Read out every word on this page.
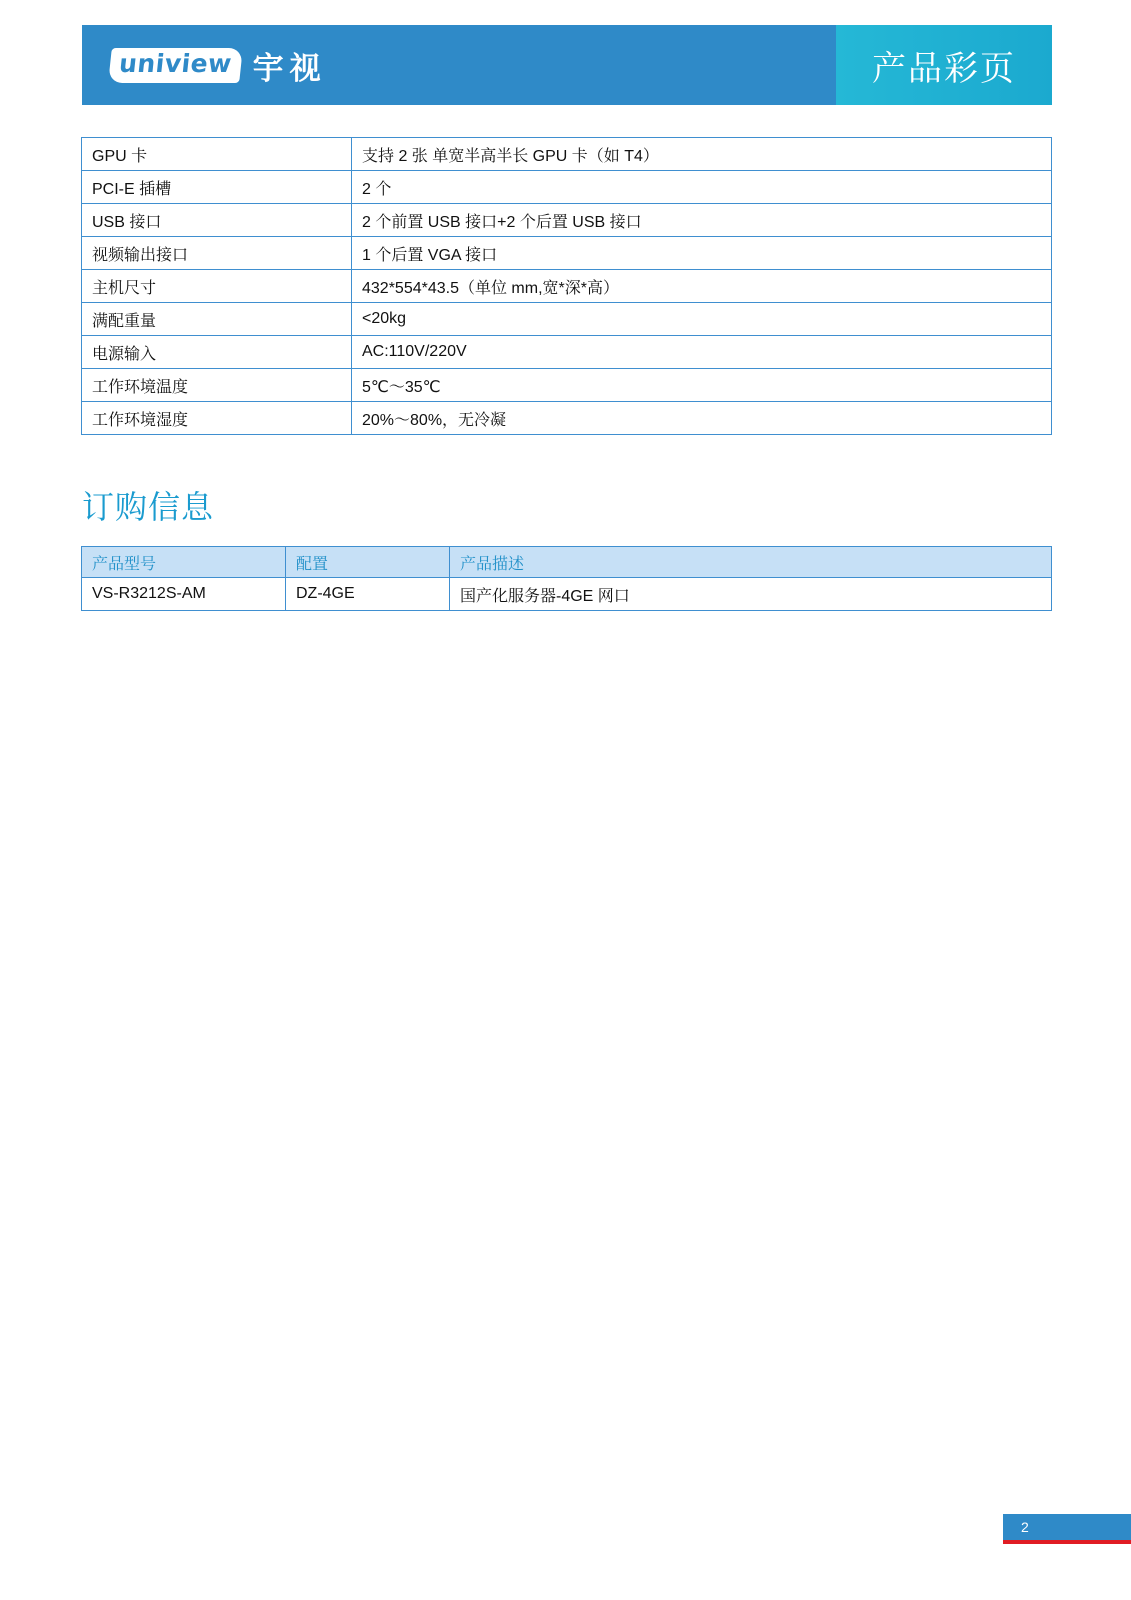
uniview 宇视	产品彩页
GPU 卡	支持 2 张 单宽半高半长 GPU 卡（如 T4）
PCI-E 插槽	2 个
USB 接口	2 个前置 USB 接口+2 个后置 USB 接口
视频输出接口	1 个后置 VGA 接口
主机尺寸	432*554*43.5（单位 mm,宽*深*高）
满配重量	<20kg
电源输入	AC:110V/220V
工作环境温度	5℃～35℃
工作环境湿度	20%～80%，无冷凝
订购信息
产品型号	配置	产品描述
VS-R3212S-AM	DZ-4GE	国产化服务器-4GE 网口
2
